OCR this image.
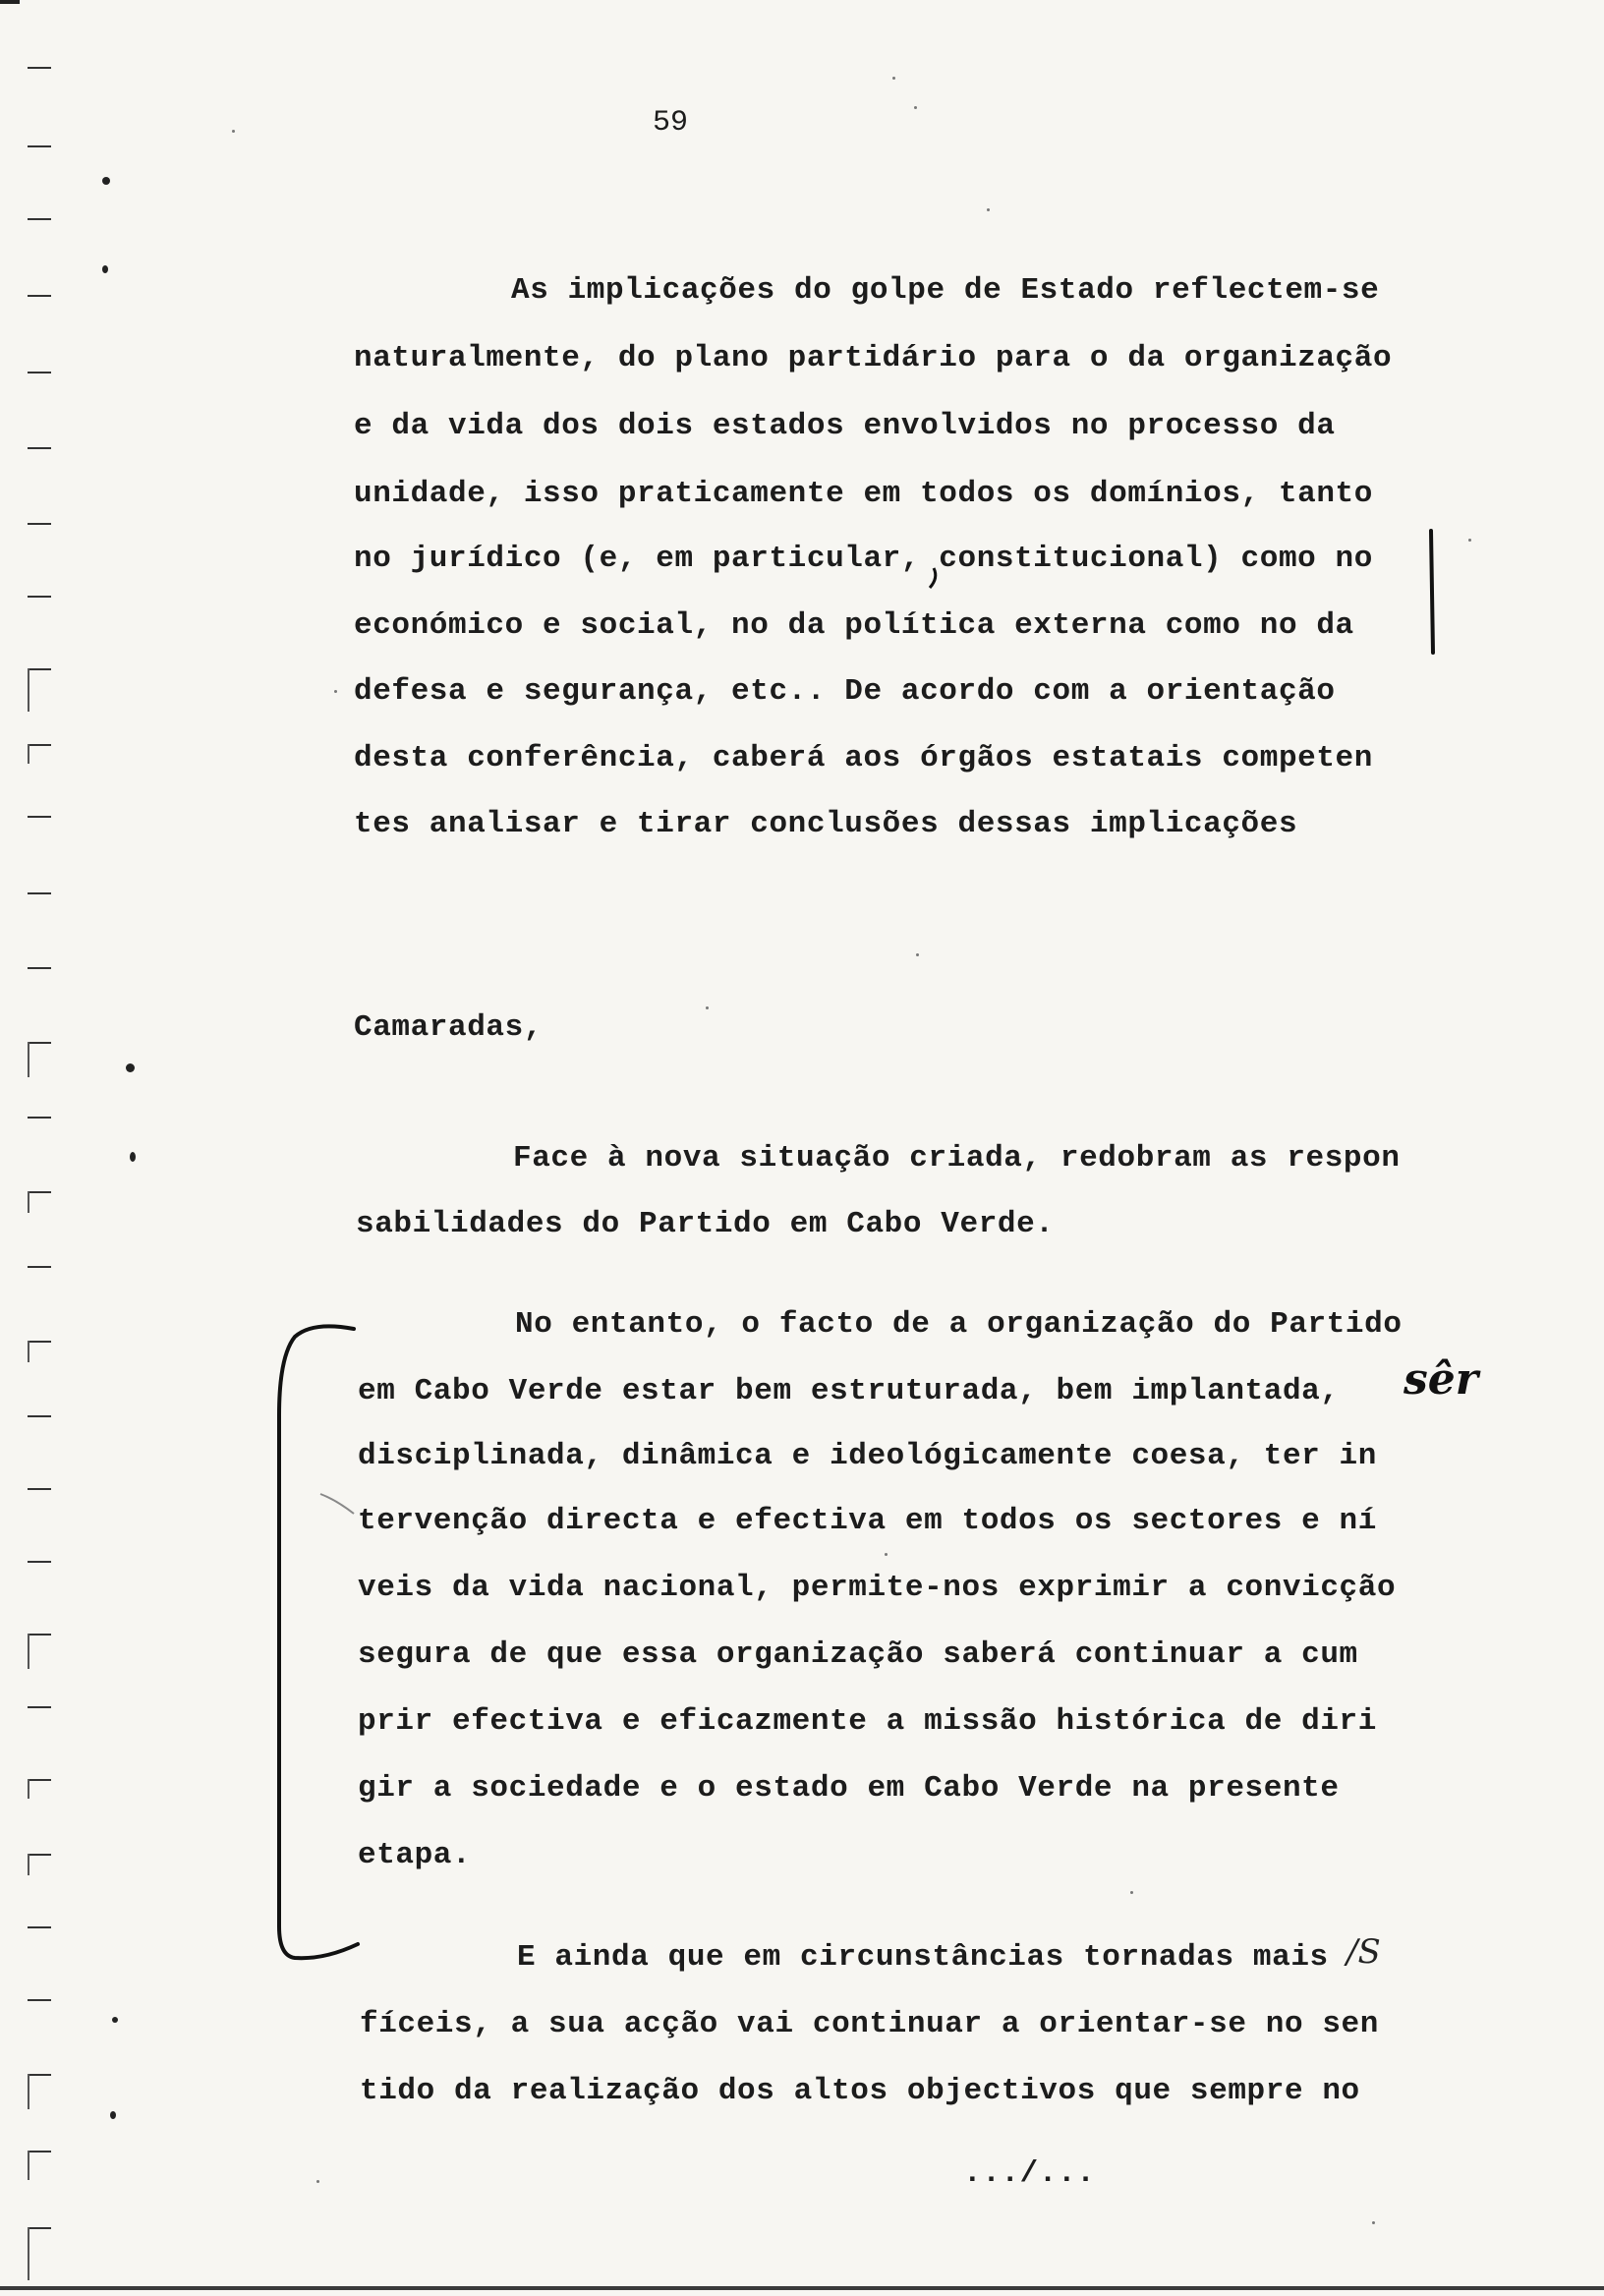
59
As implicações do golpe de Estado reflectem-se
naturalmente, do plano partidário para o da organização
e da vida dos dois estados envolvidos no processo da
unidade, isso praticamente em todos os domínios, tanto
no jurídico (e, em particular, constitucional) como no
económico e social, no da política externa como no da
defesa e segurança, etc.. De acordo com a orientação
desta conferência, caberá aos órgãos estatais competen
tes analisar e tirar conclusões dessas implicações
Camaradas,
Face à nova situação criada, redobram as respon
sabilidades do Partido em Cabo Verde.
No entanto, o facto de a organização do Partido
em Cabo Verde estar bem estruturada, bem implantada,
disciplinada, dinâmica e ideológicamente coesa, ter in
tervenção directa e efectiva em todos os sectores e ní
veis da vida nacional, permite-nos exprimir a convicção
segura de que essa organização saberá continuar a cum
prir efectiva e eficazmente a missão histórica de diri
gir a sociedade e o estado em Cabo Verde na presente
etapa.
E ainda que em circunstâncias tornadas mais
fíceis, a sua acção vai continuar a orientar-se no sen
tido da realização dos altos objectivos que sempre no
.../...
sêr
/S
